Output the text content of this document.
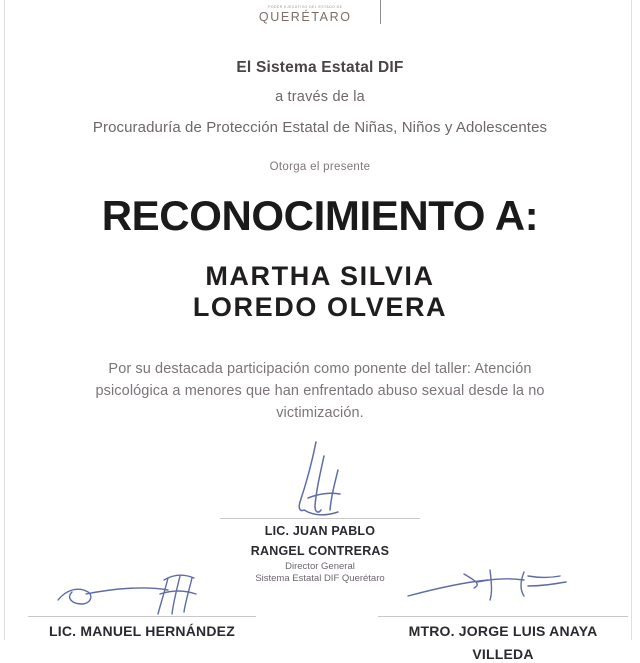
PODER EJECUTIVO DEL ESTADO DE
QUERÉTARO
El Sistema Estatal DIF
a través de la
Procuraduría de Protección Estatal de Niñas, Niños y Adolescentes
Otorga el presente
RECONOCIMIENTO A:
MARTHA SILVIA
LOREDO OLVERA
Por su destacada participación como ponente del taller: Atención psicológica a menores que han enfrentado abuso sexual desde la no victimización.
LIC. JUAN PABLO
RANGEL CONTRERAS
Director General
Sistema Estatal DIF Querétaro
LIC. MANUEL HERNÁNDEZ	MTRO. JORGE LUIS ANAYA
VILLEDA
